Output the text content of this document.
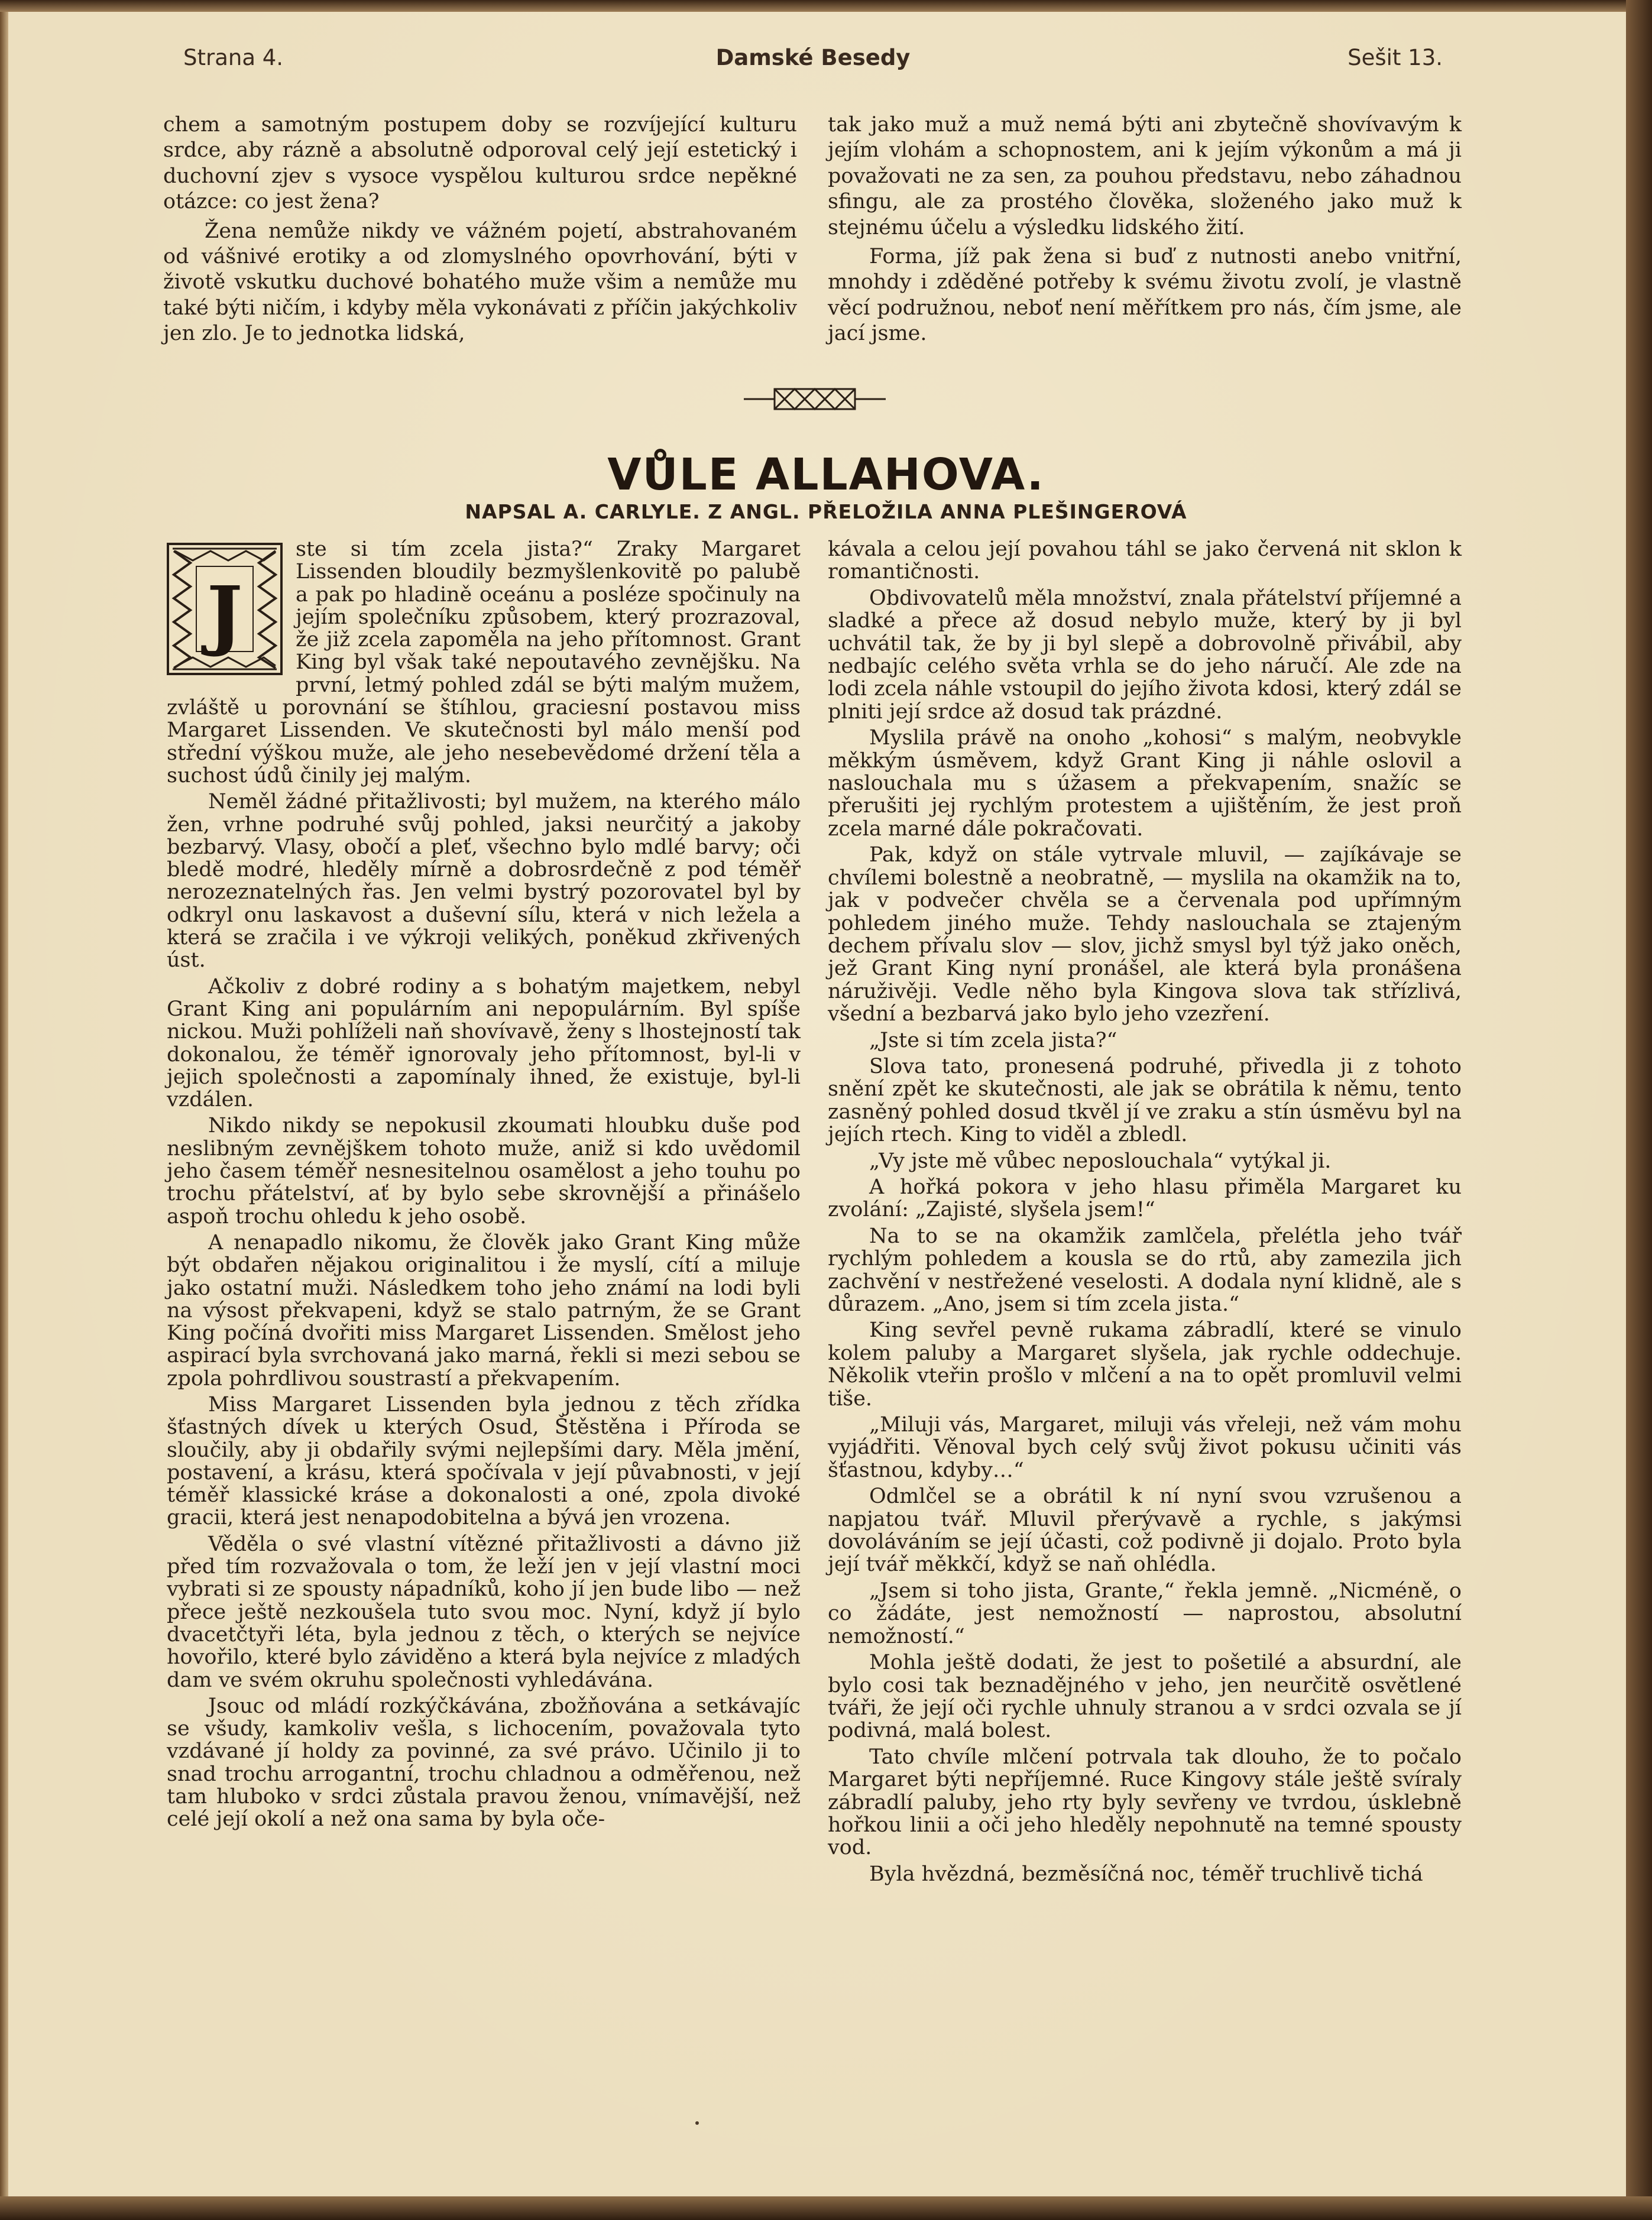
Strana 4.	Damské Besedy	Sešit 13.

chem a samotným postupem doby se rozvíjející kulturu srdce, aby rázně a absolutně odporoval celý její estetický i duchovní zjev s vysoce vyspělou kulturou srdce nepěkné otázce: co jest žena?

Žena nemůže nikdy ve vážném pojetí, abstrahovaném od vášnivé erotiky a od zlomyslného opovrhování, býti v životě vskutku duchové bohatého muže všim a nemůže mu také býti ničím, i kdyby měla vykonávati z příčin jakýchkoliv jen zlo. Je to jednotka lidská,

tak jako muž a muž nemá býti ani zbytečně shovívavým k jejím vlohám a schopnostem, ani k jejím výkonům a má ji považovati ne za sen, za pouhou představu, nebo záhadnou sfingu, ale za prostého člověka, složeného jako muž k stejnému účelu a výsledku lidského žití.

Forma, jíž pak žena si buď z nutnosti anebo vnitřní, mnohdy i zděděné potřeby k svému životu zvolí, je vlastně věcí podružnou, neboť není měřítkem pro nás, čím jsme, ale jací jsme.

VŮLE ALLAHOVA.
NAPSAL A. CARLYLE. Z ANGL. PŘELOŽILA ANNA PLEŠINGEROVÁ

J
ste si tím zcela jista?“ Zraky Margaret Lissenden bloudily bezmyšlenkovitě po palubě a pak po hladině oceánu a posléze spočinuly na jejím společníku způsobem, který prozrazoval, že již zcela zapoměla na jeho přítomnost. Grant King byl však také nepoutavého zevnějšku. Na první, letmý pohled zdál se býti malým mužem, zvláště u porovnání se štíhlou, graciesní postavou miss Margaret Lissenden. Ve skutečnosti byl málo menší pod střední výškou muže, ale jeho nesebevědomé držení těla a suchost údů činily jej malým.

Neměl žádné přitažlivosti; byl mužem, na kterého málo žen, vrhne podruhé svůj pohled, jaksi neurčitý a jakoby bezbarvý. Vlasy, obočí a pleť, všechno bylo mdlé barvy; oči bledě modré, hleděly mírně a dobrosrdečně z pod téměř nerozeznatelných řas. Jen velmi bystrý pozorovatel byl by odkryl onu laskavost a duševní sílu, která v nich ležela a která se zračila i ve výkroji velikých, poněkud zkřivených úst.

Ačkoliv z dobré rodiny a s bohatým majetkem, nebyl Grant King ani populárním ani nepopulárním. Byl spíše nickou. Muži pohlíželi naň shovívavě, ženy s lhostejností tak dokonalou, že téměř ignorovaly jeho přítomnost, byl-li v jejich společnosti a zapomínaly ihned, že existuje, byl-li vzdálen.

Nikdo nikdy se nepokusil zkoumati hloubku duše pod neslibným zevnějškem tohoto muže, aniž si kdo uvědomil jeho časem téměř nesnesitelnou osamělost a jeho touhu po trochu přátelství, ať by bylo sebe skrovnější a přinášelo aspoň trochu ohledu k jeho osobě.

A nenapadlo nikomu, že člověk jako Grant King může být obdařen nějakou originalitou i že myslí, cítí a miluje jako ostatní muži. Následkem toho jeho známí na lodi byli na výsost překvapeni, když se stalo patrným, že se Grant King počíná dvořiti miss Margaret Lissenden. Smělost jeho aspirací byla svrchovaná jako marná, řekli si mezi sebou se zpola pohrdlivou soustrastí a překvapením.

Miss Margaret Lissenden byla jednou z těch zřídka šťastných dívek u kterých Osud, Štěstěna i Příroda se sloučily, aby ji obdařily svými nejlepšími dary. Měla jmění, postavení, a krásu, která spočívala v její půvabnosti, v její téměř klassické kráse a dokonalosti a oné, zpola divoké gracii, která jest nenapodobitelna a bývá jen vrozena.

Věděla o své vlastní vítězné přitažlivosti a dávno již před tím rozvažovala o tom, že leží jen v její vlastní moci vybrati si ze spousty nápadníků, koho jí jen bude libo — než přece ještě nezkoušela tuto svou moc. Nyní, když jí bylo dvacetčtyři léta, byla jednou z těch, o kterých se nejvíce hovořilo, které bylo záviděno a která byla nejvíce z mladých dam ve svém okruhu společnosti vyhledávána.

Jsouc od mládí rozkýčkávána, zbožňována a setkávajíc se všudy, kamkoliv vešla, s lichocením, považovala tyto vzdávané jí holdy za povinné, za své právo. Učinilo ji to snad trochu arrogantní, trochu chladnou a odměřenou, než tam hluboko v srdci zůstala pravou ženou, vnímavější, než celé její okolí a než ona sama by byla oče-

kávala a celou její povahou táhl se jako červená nit sklon k romantičnosti.

Obdivovatelů měla množství, znala přátelství příjemné a sladké a přece až dosud nebylo muže, který by ji byl uchvátil tak, že by ji byl slepě a dobrovolně přivábil, aby nedbajíc celého světa vrhla se do jeho náručí. Ale zde na lodi zcela náhle vstoupil do jejího života kdosi, který zdál se plniti její srdce až dosud tak prázdné.

Myslila právě na onoho „kohosi“ s malým, neobvykle měkkým úsměvem, když Grant King ji náhle oslovil a naslouchala mu s úžasem a překvapením, snažíc se přerušiti jej rychlým protestem a ujištěním, že jest proň zcela marné dále pokračovati.

Pak, když on stále vytrvale mluvil, — zajíkávaje se chvílemi bolestně a neobratně, — myslila na okamžik na to, jak v podvečer chvěla se a červenala pod upřímným pohledem jiného muže. Tehdy naslouchala se ztajeným dechem přívalu slov — slov, jichž smysl byl týž jako oněch, jež Grant King nyní pronášel, ale která byla pronášena náruživěji. Vedle něho byla Kingova slova tak střízlivá, všední a bezbarvá jako bylo jeho vzezření.

„Jste si tím zcela jista?“

Slova tato, pronesená podruhé, přivedla ji z tohoto snění zpět ke skutečnosti, ale jak se obrátila k němu, tento zasněný pohled dosud tkvěl jí ve zraku a stín úsměvu byl na jejích rtech. King to viděl a zbledl.

„Vy jste mě vůbec neposlouchala“ vytýkal ji.

A hořká pokora v jeho hlasu přiměla Margaret ku zvolání: „Zajisté, slyšela jsem!“

Na to se na okamžik zamlčela, přelétla jeho tvář rychlým pohledem a kousla se do rtů, aby zamezila jich zachvění v nestřežené veselosti. A dodala nyní klidně, ale s důrazem. „Ano, jsem si tím zcela jista.“

King sevřel pevně rukama zábradlí, které se vinulo kolem paluby a Margaret slyšela, jak rychle oddechuje. Několik vteřin prošlo v mlčení a na to opět promluvil velmi tiše.

„Miluji vás, Margaret, miluji vás vřeleji, než vám mohu vyjádřiti. Věnoval bych celý svůj život pokusu učiniti vás šťastnou, kdyby…“

Odmlčel se a obrátil k ní nyní svou vzrušenou a napjatou tvář. Mluvil přerývavě a rychle, s jakýmsi dovoláváním se její účasti, což podivně ji dojalo. Proto byla její tvář měkkčí, když se naň ohlédla.

„Jsem si toho jista, Grante,“ řekla jemně. „Nicméně, o co žádáte, jest nemožností — naprostou, absolutní nemožností.“

Mohla ještě dodati, že jest to pošetilé a absurdní, ale bylo cosi tak beznadějného v jeho, jen neurčitě osvětlené tváři, že její oči rychle uhnuly stranou a v srdci ozvala se jí podivná, malá bolest.

Tato chvíle mlčení potrvala tak dlouho, že to počalo Margaret býti nepříjemné. Ruce Kingovy stále ještě svíraly zábradlí paluby, jeho rty byly sevřeny ve tvrdou, úsklebně hořkou linii a oči jeho hleděly nepohnutě na temné spousty vod.

Byla hvězdná, bezměsíčná noc, téměř truchlivě tichá
